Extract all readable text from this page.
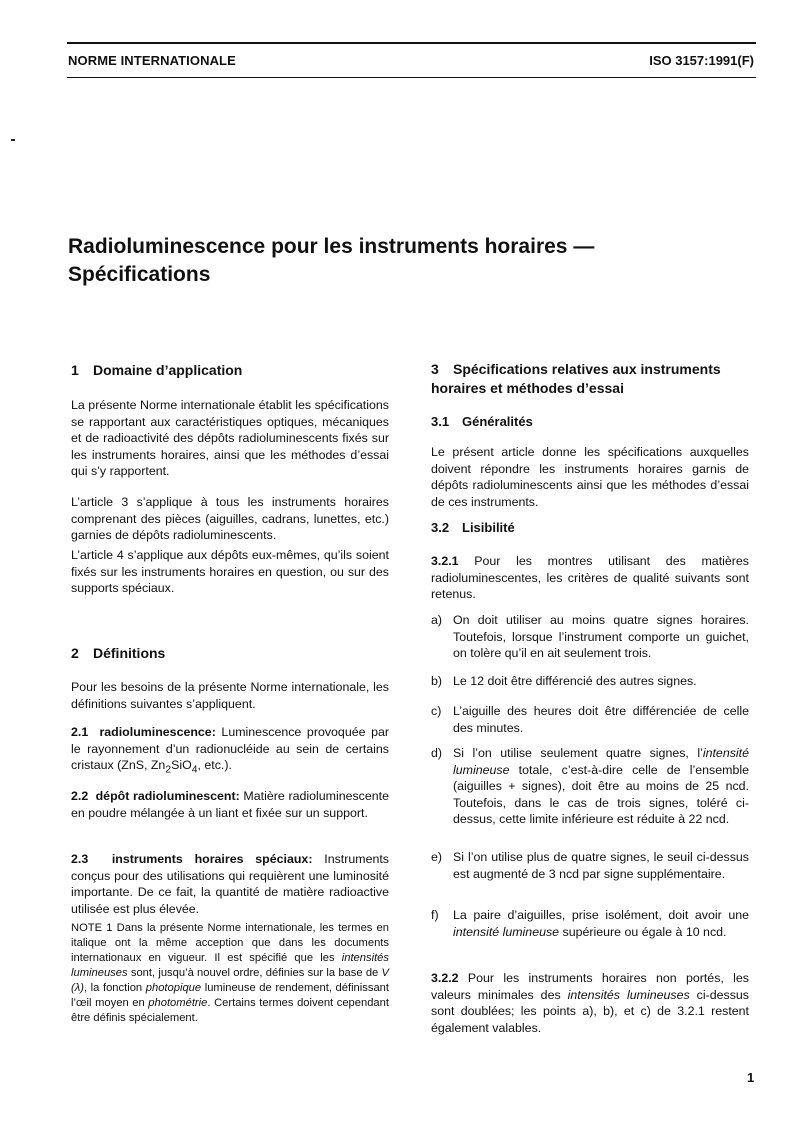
NORME INTERNATIONALE	ISO 3157:1991(F)
Radioluminescence pour les instruments horaires —
Spécifications
1 Domaine d’application

La présente Norme internationale établit les spécifications se rapportant aux caractéristiques optiques, mécaniques et de radioactivité des dépôts radioluminescents fixés sur les instruments horaires, ainsi que les méthodes d’essai qui s’y rapportent.

L’article 3 s’applique à tous les instruments horaires comprenant des pièces (aiguilles, cadrans, lunettes, etc.) garnies de dépôts radioluminescents.

L’article 4 s’applique aux dépôts eux-mêmes, qu’ils soient fixés sur les instruments horaires en question, ou sur des supports spéciaux.

2 Définitions

Pour les besoins de la présente Norme internationale, les définitions suivantes s’appliquent.

2.1 radioluminescence: Luminescence provoquée par le rayonnement d’un radionucléide au sein de certains cristaux (ZnS, $Zn_2SiO_4$, etc.).

2.2 dépôt radioluminescent: Matière radioluminescente en poudre mélangée à un liant et fixée sur un support.

2.3 instruments horaires spéciaux: Instruments conçus pour des utilisations qui requièrent une luminosité importante. De ce fait, la quantité de matière radioactive utilisée est plus élevée.

NOTE 1 Dans la présente Norme internationale, les termes en italique ont la même acception que dans les documents internationaux en vigueur. Il est spécifié que les intensités lumineuses sont, jusqu’à nouvel ordre, définies sur la base de V (λ), la fonction photopique lumineuse de rendement, définissant l’œil moyen en photométrie. Certains termes doivent cependant être définis spécialement.

3 Spécifications relatives aux instruments horaires et méthodes d’essai
3.1 Généralités

Le présent article donne les spécifications auxquelles doivent répondre les instruments horaires garnis de dépôts radioluminescents ainsi que les méthodes d’essai de ces instruments.

3.2 Lisibilité

3.2.1 Pour les montres utilisant des matières radioluminescentes, les critères de qualité suivants sont retenus.

a) On doit utiliser au moins quatre signes horaires. Toutefois, lorsque l’instrument comporte un guichet, on tolère qu’il en ait seulement trois.

b) Le 12 doit être différencié des autres signes.

c) L’aiguille des heures doit être différenciée de celle des minutes.

d) Si l’on utilise seulement quatre signes, l’intensité lumineuse totale, c’est-à-dire celle de l’ensemble (aiguilles + signes), doit être au moins de 25 ncd. Toutefois, dans le cas de trois signes, toléré ci-dessus, cette limite inférieure est réduite à 22 ncd.

e) Si l’on utilise plus de quatre signes, le seuil ci-dessus est augmenté de 3 ncd par signe supplémentaire.

f)	La paire d’aiguilles, prise isolément, doit avoir une intensité lumineuse supérieure ou égale à 10 ncd.

3.2.2 Pour les instruments horaires non portés, les valeurs minimales des intensités lumineuses ci-dessus sont doublées; les points a), b), et c) de 3.2.1 restent également valables.

1
